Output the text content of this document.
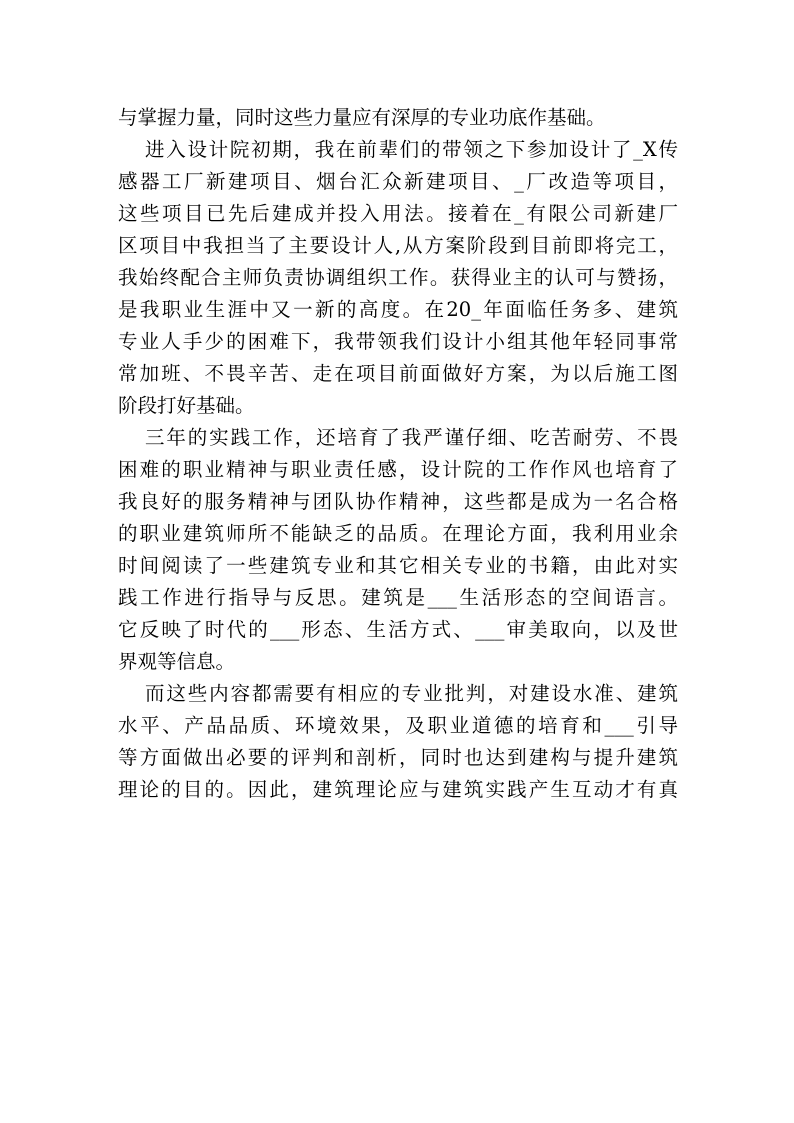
与掌握力量，同时这些力量应有深厚的专业功底作基础。
进入设计院初期，我在前辈们的带领之下参加设计了_X传
感器工厂新建项目、烟台汇众新建项目、_厂改造等项目，
这些项目已先后建成并投入用法。接着在_有限公司新建厂
区项目中我担当了主要设计人,从方案阶段到目前即将完工，
我始终配合主师负责协调组织工作。获得业主的认可与赞扬，
是我职业生涯中又一新的高度。在20_年面临任务多、建筑
专业人手少的困难下，我带领我们设计小组其他年轻同事常
常加班、不畏辛苦、走在项目前面做好方案，为以后施工图
阶段打好基础。
三年的实践工作，还培育了我严谨仔细、吃苦耐劳、不畏
困难的职业精神与职业责任感，设计院的工作作风也培育了
我良好的服务精神与团队协作精神，这些都是成为一名合格
的职业建筑师所不能缺乏的品质。在理论方面，我利用业余
时间阅读了一些建筑专业和其它相关专业的书籍，由此对实
践工作进行指导与反思。建筑是___生活形态的空间语言。
它反映了时代的___形态、生活方式、___审美取向，以及世
界观等信息。
而这些内容都需要有相应的专业批判，对建设水准、建筑
水平、产品品质、环境效果，及职业道德的培育和___引导
等方面做出必要的评判和剖析，同时也达到建构与提升建筑
理论的目的。因此，建筑理论应与建筑实践产生互动才有真
